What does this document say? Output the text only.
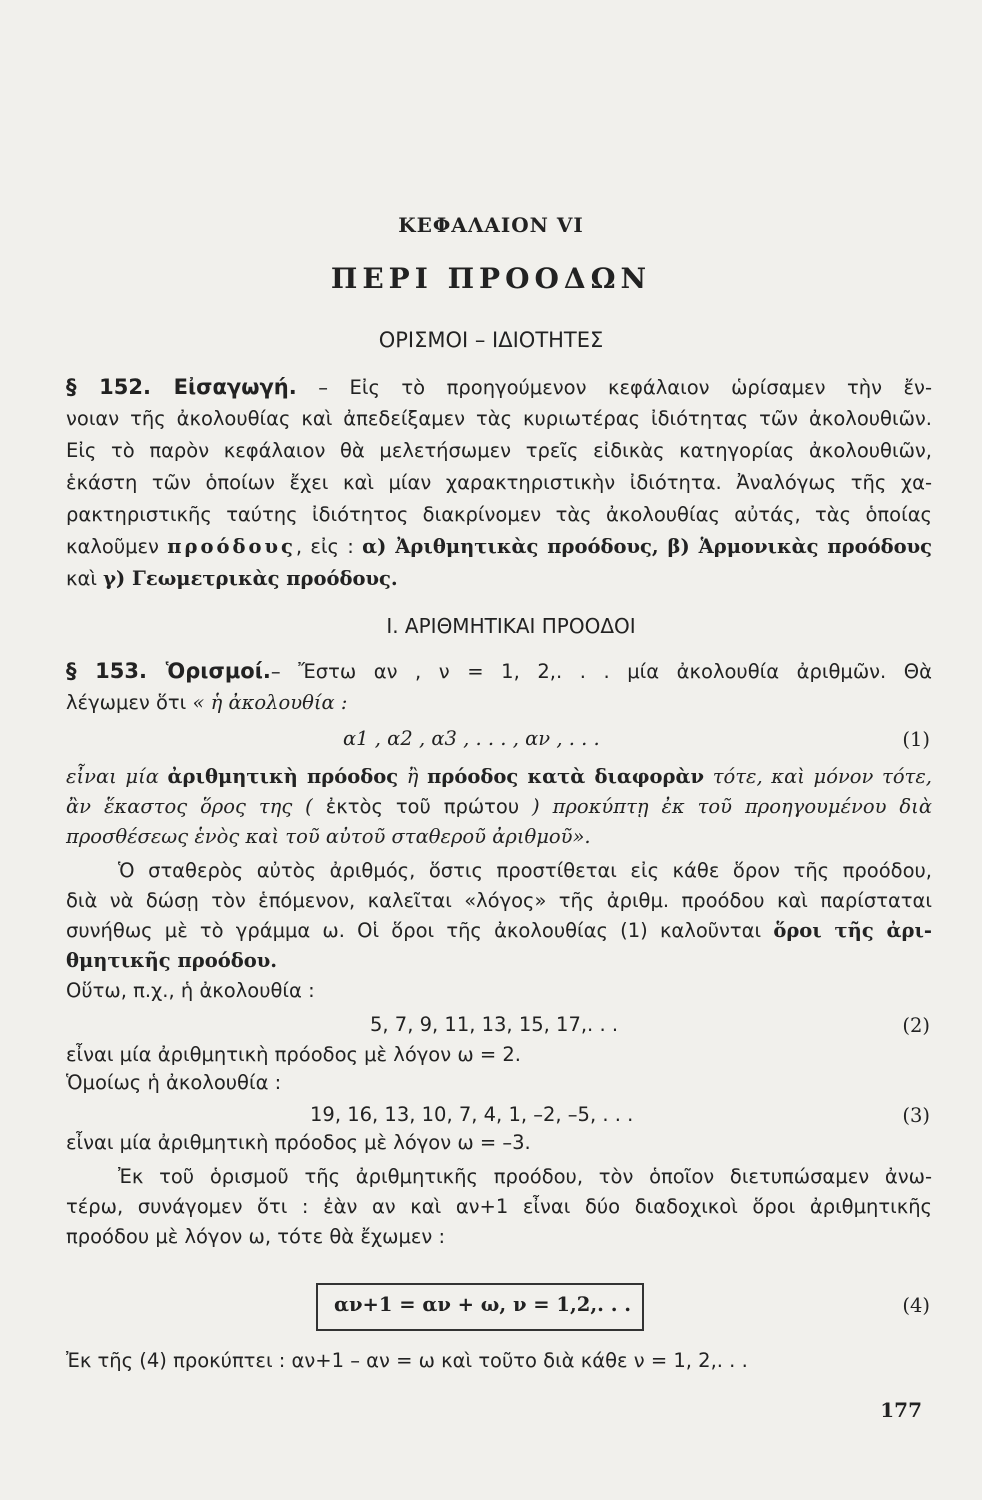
ΚΕΦΑΛΑΙΟΝ VI
ΠΕΡΙ ΠΡΟΟΔΩΝ
ΟΡΙΣΜΟΙ – ΙΔΙΟΤΗΤΕΣ
§ 152. Εἰσαγωγή. – Εἰς τὸ προηγούμενον κεφάλαιον ὡρίσαμεν τὴν ἔν-
νοιαν τῆς ἀκολουθίας καὶ ἀπεδείξαμεν τὰς κυριωτέρας ἰδιότητας τῶν ἀκολουθιῶν.
Εἰς τὸ παρὸν κεφάλαιον θὰ μελετήσωμεν τρεῖς εἰδικὰς κατηγορίας ἀκολουθιῶν,
ἑκάστη τῶν ὁποίων ἔχει καὶ μίαν χαρακτηριστικὴν ἰδιότητα. Ἀναλόγως τῆς χα-
ρακτηριστικῆς ταύτης ἰδιότητος διακρίνομεν τὰς ἀκολουθίας αὐτάς, τὰς ὁποίας
καλοῦμεν προόδους, εἰς : α) Ἀριθμητικὰς προόδους, β) Ἁρμονικὰς προόδους
καὶ γ) Γεωμετρικὰς προόδους.
Ι. ΑΡΙΘΜΗΤΙΚΑΙ ΠΡΟΟΔΟΙ
§ 153. Ὁρισμοί.– Ἔστω αν , ν = 1, 2,. . . μία ἀκολουθία ἀριθμῶν. Θὰ
λέγωμεν ὅτι « ἡ ἀκολουθία :
α1 , α2 , α3 , . . . , αν , . . .	(1)
εἶναι μία ἀριθμητικὴ πρόοδος ἢ πρόοδος κατὰ διαφορὰν τότε, καὶ μόνον τότε,
ἂν ἕκαστος ὅρος της ( ἐκτὸς τοῦ πρώτου ) προκύπτῃ ἐκ τοῦ προηγουμένου διὰ
προσθέσεως ἑνὸς καὶ τοῦ αὐτοῦ σταθεροῦ ἀριθμοῦ».
Ὁ σταθερὸς αὐτὸς ἀριθμός, ὅστις προστίθεται εἰς κάθε ὅρον τῆς προόδου,
διὰ νὰ δώσῃ τὸν ἑπόμενον, καλεῖται «λόγος» τῆς ἀριθμ. προόδου καὶ παρίσταται
συνήθως μὲ τὸ γράμμα ω. Οἱ ὅροι τῆς ἀκολουθίας (1) καλοῦνται ὅροι τῆς ἀρι-
θμητικῆς προόδου.
Οὕτω, π.χ., ἡ ἀκολουθία :
5, 7, 9, 11, 13, 15, 17,. . .	(2)
εἶναι μία ἀριθμητικὴ πρόοδος μὲ λόγον ω = 2.
Ὁμοίως ἡ ἀκολουθία :
19, 16, 13, 10, 7, 4, 1, –2, –5, . . .	(3)
εἶναι μία ἀριθμητικὴ πρόοδος μὲ λόγον ω = –3.
Ἐκ τοῦ ὁρισμοῦ τῆς ἀριθμητικῆς προόδου, τὸν ὁποῖον διετυπώσαμεν ἀνω-
τέρω, συνάγομεν ὅτι : ἐὰν αν καὶ αν+1 εἶναι δύο διαδοχικοὶ ὅροι ἀριθμητικῆς
προόδου μὲ λόγον ω, τότε θὰ ἔχωμεν :
αν+1 = αν + ω, ν = 1,2,. . .	(4)
Ἐκ τῆς (4) προκύπτει : αν+1 – αν = ω καὶ τοῦτο διὰ κάθε ν = 1, 2,. . .
177
